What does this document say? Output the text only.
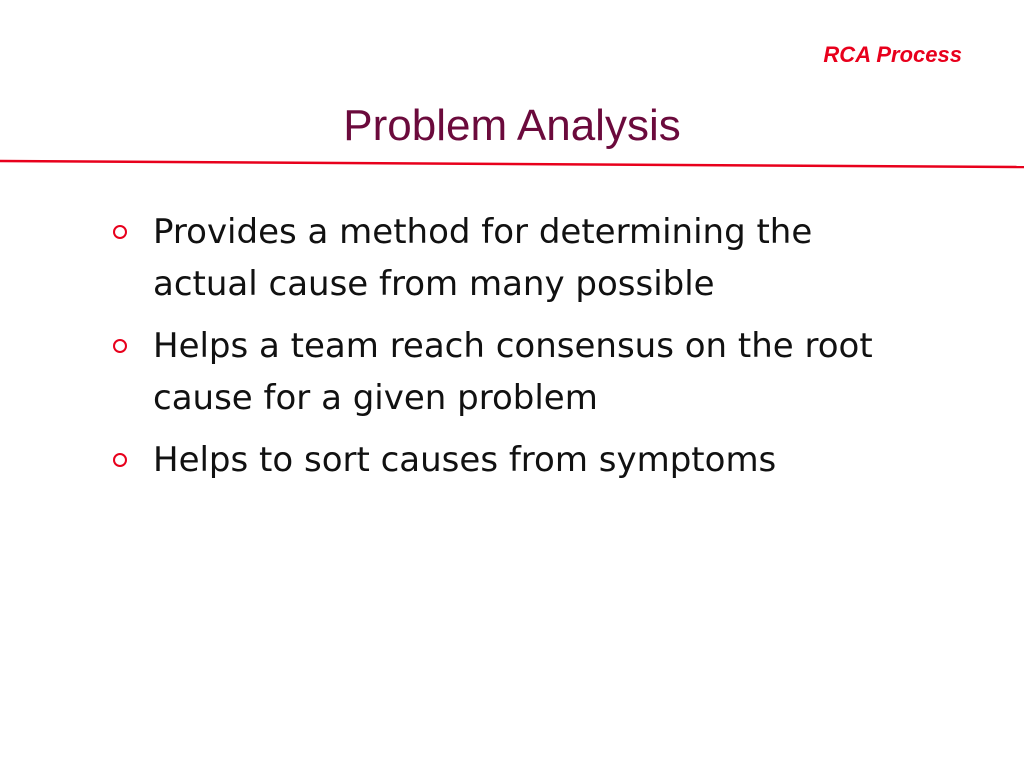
RCA Process
Problem Analysis
Provides a method for determining the actual cause from many possible
Helps a team reach consensus on the root cause for a given problem
Helps to sort causes from symptoms
